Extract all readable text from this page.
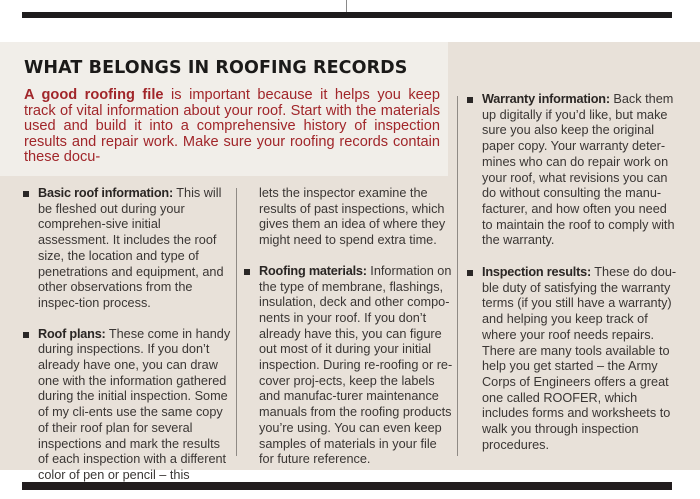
WHAT BELONGS IN ROOFING RECORDS

A good roofing file is important because it helps you keep track of vital information about your roof. Start with the materials used and build it into a comprehensive history of inspection results and repair work. Make sure your roofing records contain these docu-

Basic roof information: This will be fleshed out during your comprehen-sive initial assessment. It includes the roof size, the location and type of penetrations and equipment, and other observations from the inspec-tion process.
Roof plans: These come in handy during inspections. If you don’t already have one, you can draw one with the information gathered during the initial inspection. Some of my cli-ents use the same copy of their roof plan for several inspections and mark the results of each inspection with a different color of pen or pencil – this
lets the inspector examine the results of past inspections, which gives them an idea of where they might need to spend extra time.
Roofing materials: Information on the type of membrane, flashings, insulation, deck and other compo-nents in your roof. If you don’t already have this, you can figure out most of it during your initial inspection. During re-roofing or re-cover proj-ects, keep the labels and manufac-turer maintenance manuals from the roofing products you’re using. You can even keep samples of materials in your file for future reference.
Warranty information: Back them up digitally if you’d like, but make sure you also keep the original paper copy. Your warranty deter-mines who can do repair work on your roof, what revisions you can do without consulting the manu-facturer, and how often you need to maintain the roof to comply with the warranty.
Inspection results: These do dou-ble duty of satisfying the warranty terms (if you still have a warranty) and helping you keep track of where your roof needs repairs. There are many tools available to help you get started – the Army Corps of Engineers offers a great one called ROOFER, which includes forms and worksheets to walk you through inspection procedures.
